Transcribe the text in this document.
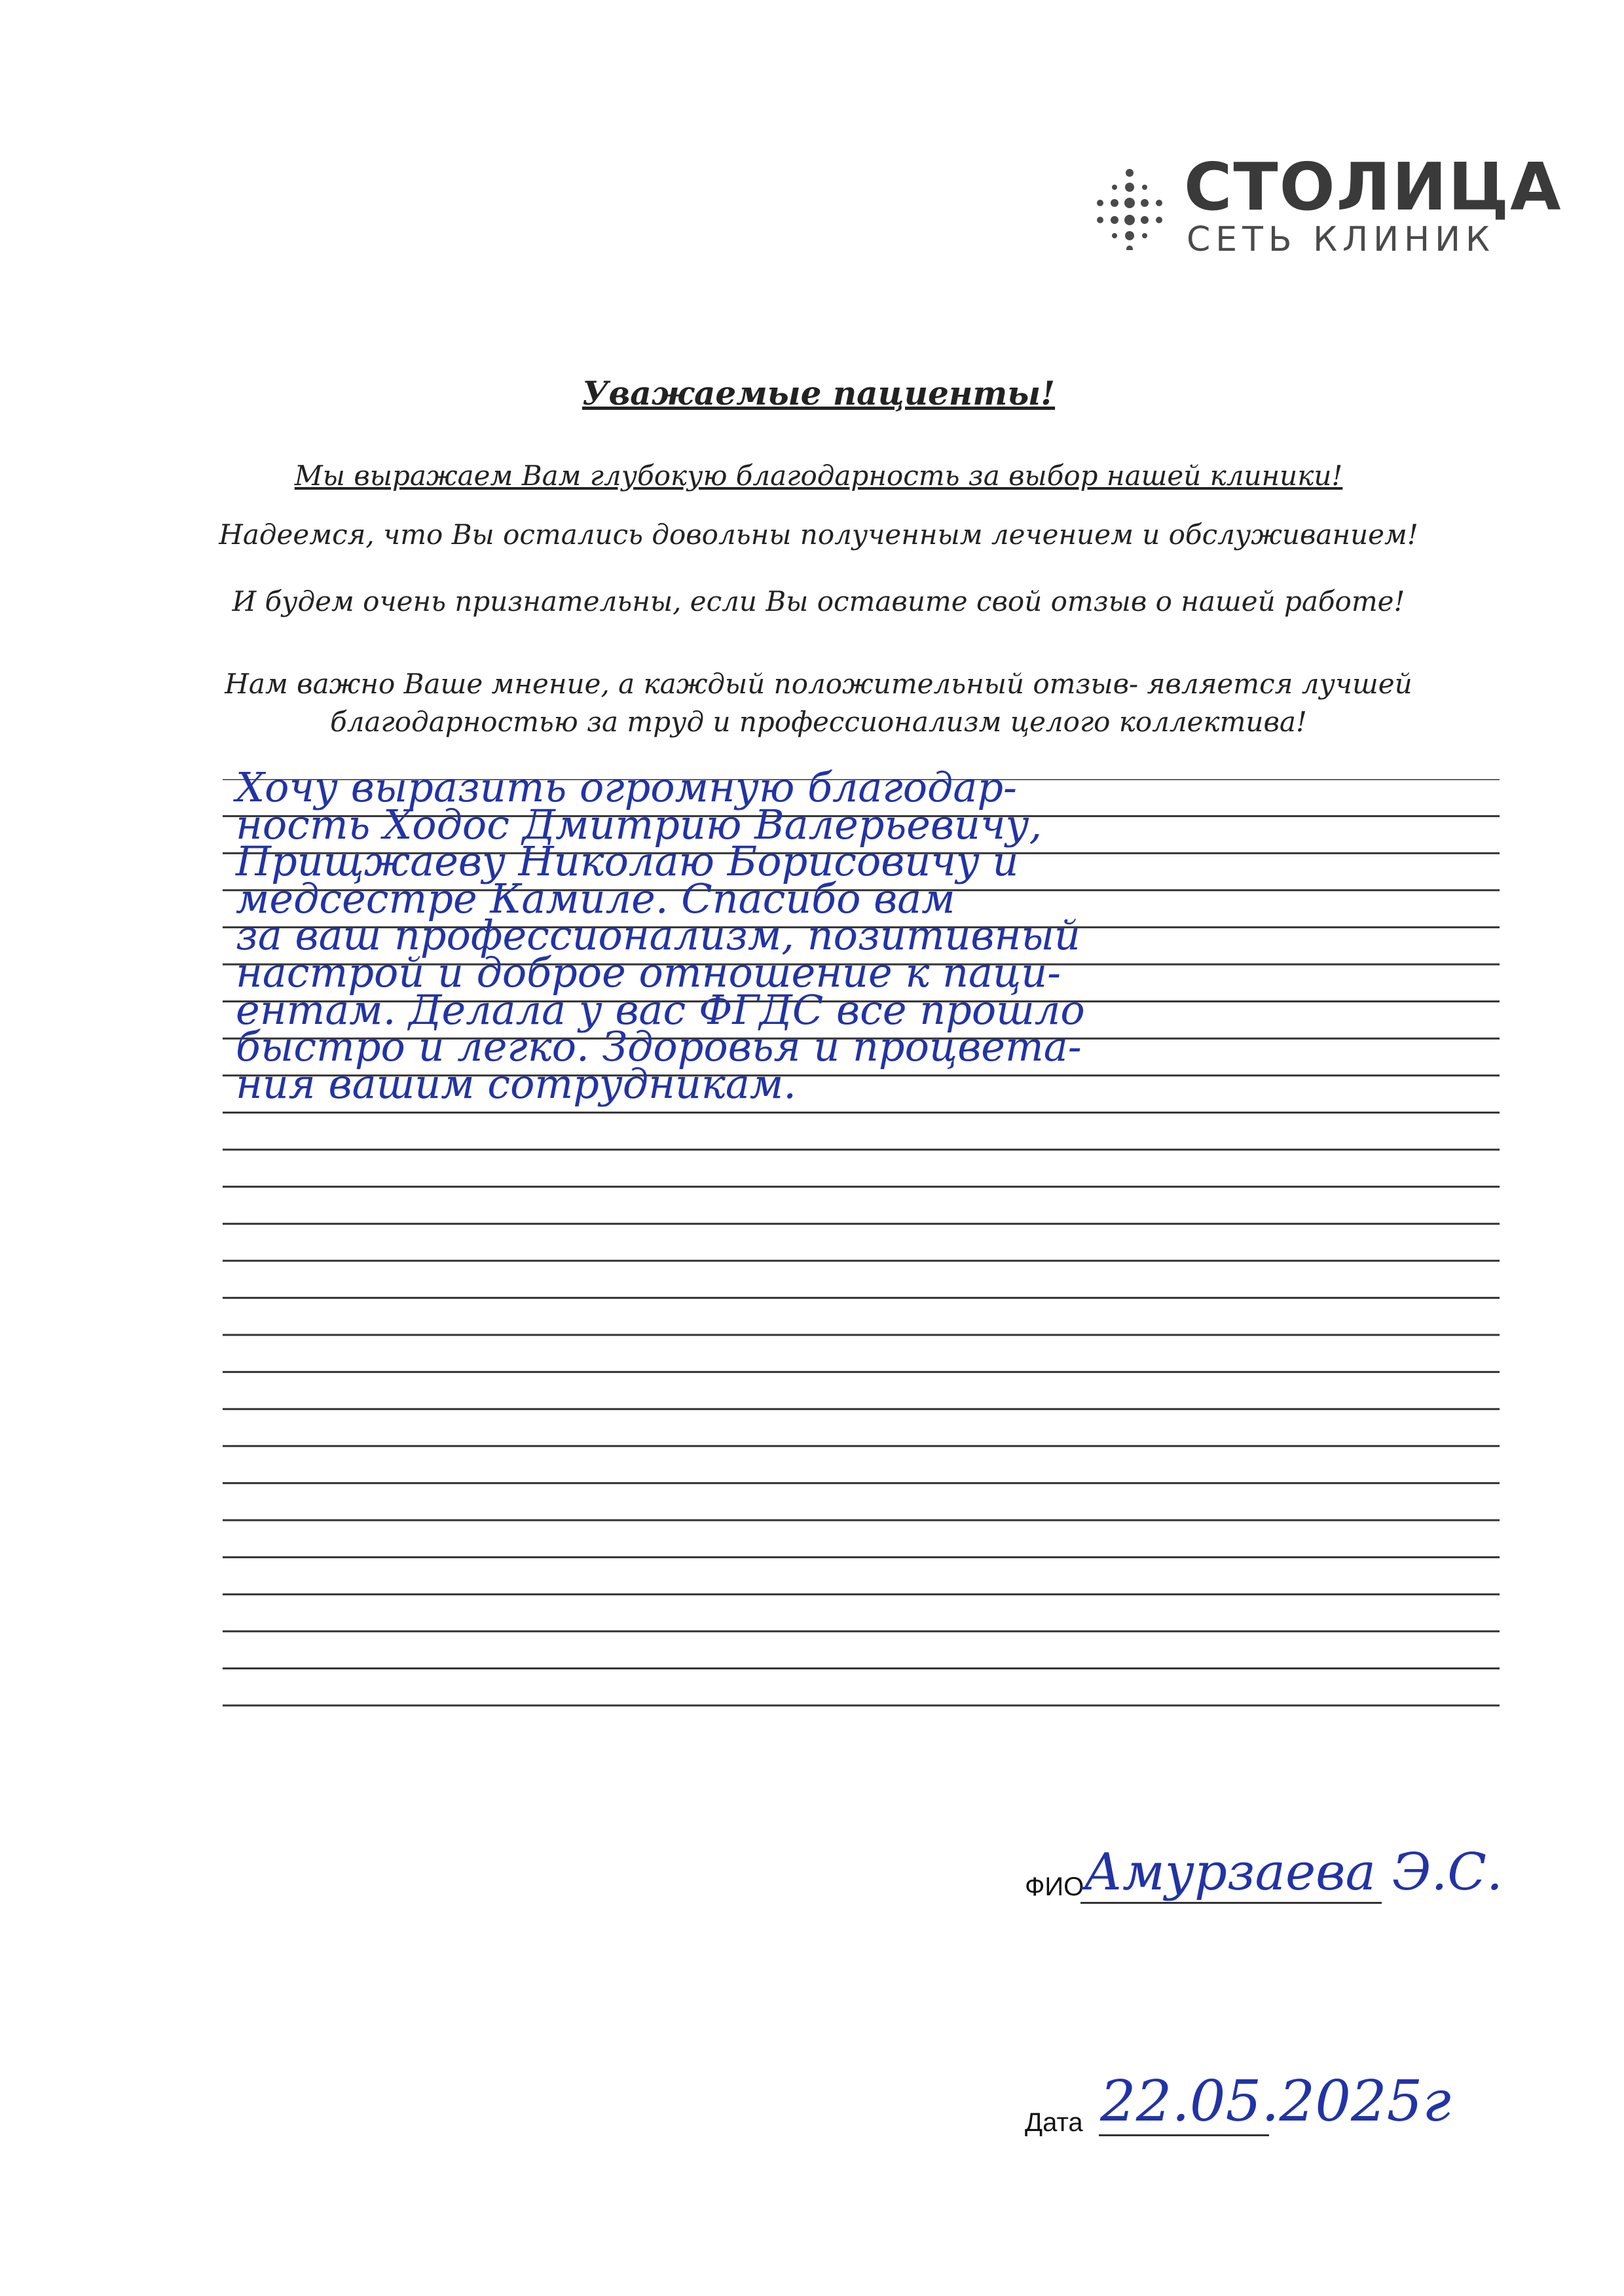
СТОЛИЦА
СЕТЬ КЛИНИК

Уважаемые пациенты!

Мы выражаем Вам глубокую благодарность за выбор нашей клиники!

Надеемся, что Вы остались довольны полученным лечением и обслуживанием!

И будем очень признательны, если Вы оставите свой отзыв о нашей работе!

Нам важно Ваше мнение, а каждый положительный отзыв- является лучшей

благодарностью за труд и профессионализм целого коллектива!

Хочу выразить огромную благодар-
ность Ходос Дмитрию Валерьевичу,
Прищжаеву Николаю Борисовичу и
медсестре Камиле. Спасибо вам
за ваш профессионализм, позитивный
настрой и доброе отношение к паци-
ентам. Делала у вас ФГДС все прошло
быстро и легко. Здоровья и процвета-
ния вашим сотрудникам.
ФИО Амурзаева Э.С.
Дата 22.05.2025г
